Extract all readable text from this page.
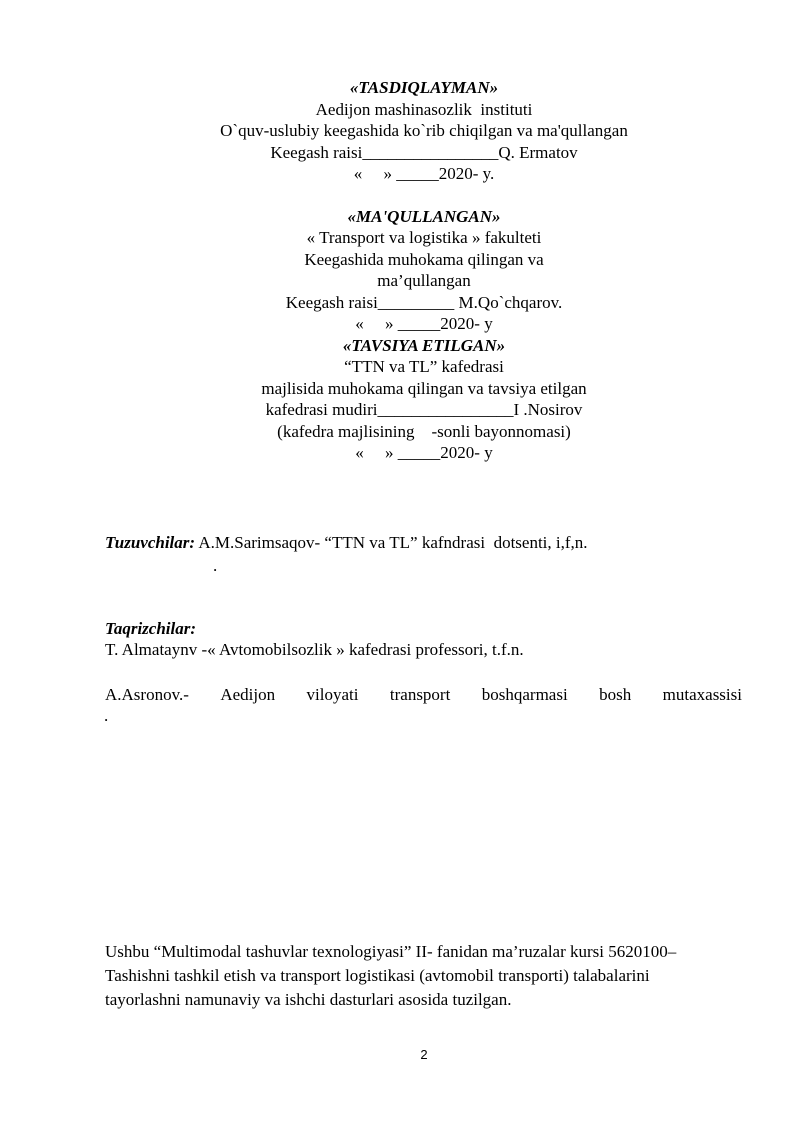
«TASDIQLAYMAN»
Aedijon mashinasozlik  instituti
O`quv-uslubiy keegashida ko`rib chiqilgan va ma'qullangan
Keegash raisi________________Q. Ermatov
«     » _____2020- y.
«MA'QULLANGAN»
« Transport va logistika » fakulteti
Keegashida muhokama qilingan va
ma’qullangan
Keegash raisi_________ M.Qo`chqarov.
«     » _____2020- y
«TAVSIYA ETILGAN»
“TTN va TL” kafedrasi
majlisida muhokama qilingan va tavsiya etilgan
kafedrasi mudiri________________I .Nosirov
(kafedra majlisining    -sonli bayonnomasi)
«     » _____2020- y
Tuzuvchilar: A.M.Sarimsaqov- “TTN va TL” kafndrasi  dotsenti, i,f,n.
.
Taqrizchilar:
T. Almataynv -« Avtomobilsozlik » kafedrasi professori, t.f.n.
A.Asronov.- Aedijon viloyati transport boshqarmasi bosh mutaxassisi
.
Ushbu “Multimodal tashuvlar texnologiyasi” II- fanidan ma’ruzalar kursi 5620100–
Tashishni tashkil etish va transport logistikasi (avtomobil transporti) talabalarini
tayorlashni namunaviy va ishchi dasturlari asosida tuzilgan.
2
